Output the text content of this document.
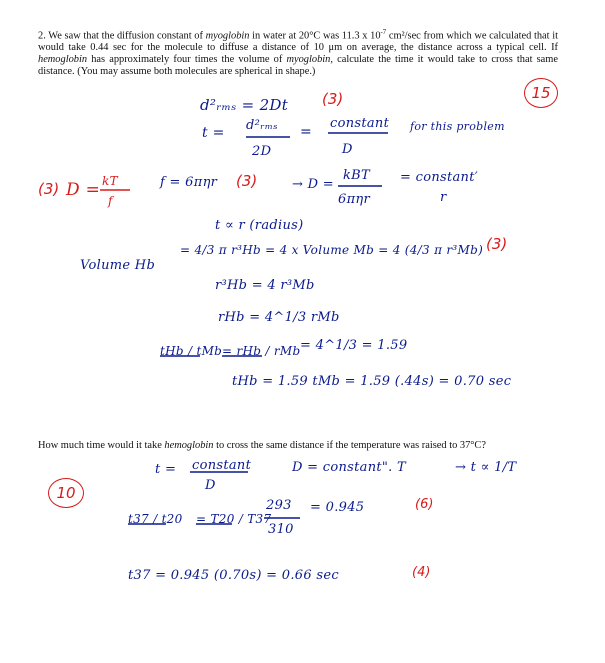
2. We saw that the diffusion constant of myoglobin in water at 20°C was 11.3 x $10^{-7}$ cm²/sec from which we calculated that it would take 0.44 sec for the molecule to diffuse a distance of 10 μm on average, the distance across a typical cell. If hemoglobin has approximately four times the volume of myoglobin, calculate the time it would take to cross that same distance. (You may assume both molecules are spherical in shape.)
How much time would it take hemoglobin to cross the same distance if the temperature was raised to 37°C?
15
10
(3)
(3)	(3)
(3)
(6)
(4)
d²ᵣₘₛ = 2Dt
t = d²ᵣₘₛ
2D
=
constant
D
for this problem
D = kT
f
f = 6πηr	→ D =
kBT
6πηr
= constant′
r
t ∝ r (radius)
Volume Hb
= 4/3 π r³Hb = 4 x Volume Mb = 4 (4/3 π r³Mb)
r³Hb = 4 r³Mb
rHb = 4^1/3 rMb
tHb / tMb = rHb / rMb = 4^1/3 = 1.59
tHb = 1.59 tMb = 1.59 (.44s) = 0.70 sec
t = constant
D
D = constant". T	→ t ∝ 1/T
t37 / t20 = T20 / T37
293
310
= 0.945
t37 = 0.945 (0.70s) = 0.66 sec
